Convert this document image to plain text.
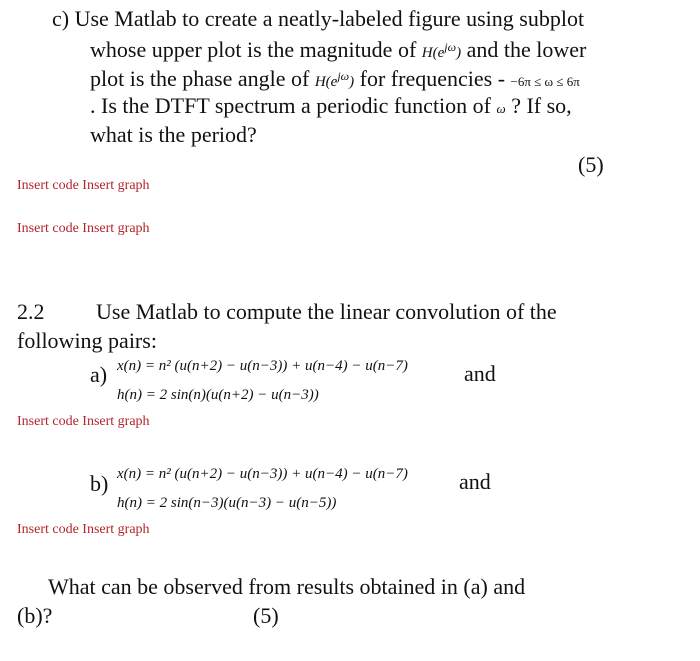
c) Use Matlab to create a neatly-labeled figure using subplot
whose upper plot is the magnitude of $H(e^{j\omega})$ and the lower
plot is the phase angle of $H(e^{j\omega})$ for frequencies - −6π ≤ ω ≤ 6π
. Is the DTFT spectrum a periodic function of ω ? If so,
what is the period?
(5)
Insert code Insert graph
Insert code Insert graph
2.2 Use Matlab to compute the linear convolution of the
following pairs:
a) x(n) = n² (u(n+2) − u(n−3)) + u(n−4) − u(n−7)	and
h(n) = 2 sin(n)(u(n+2) − u(n−3))
Insert code Insert graph
b) x(n) = n² (u(n+2) − u(n−3)) + u(n−4) − u(n−7) and
h(n) = 2 sin(n−3)(u(n−3) − u(n−5))
Insert code Insert graph
What can be observed from results obtained in (a) and
(b)?	(5)
